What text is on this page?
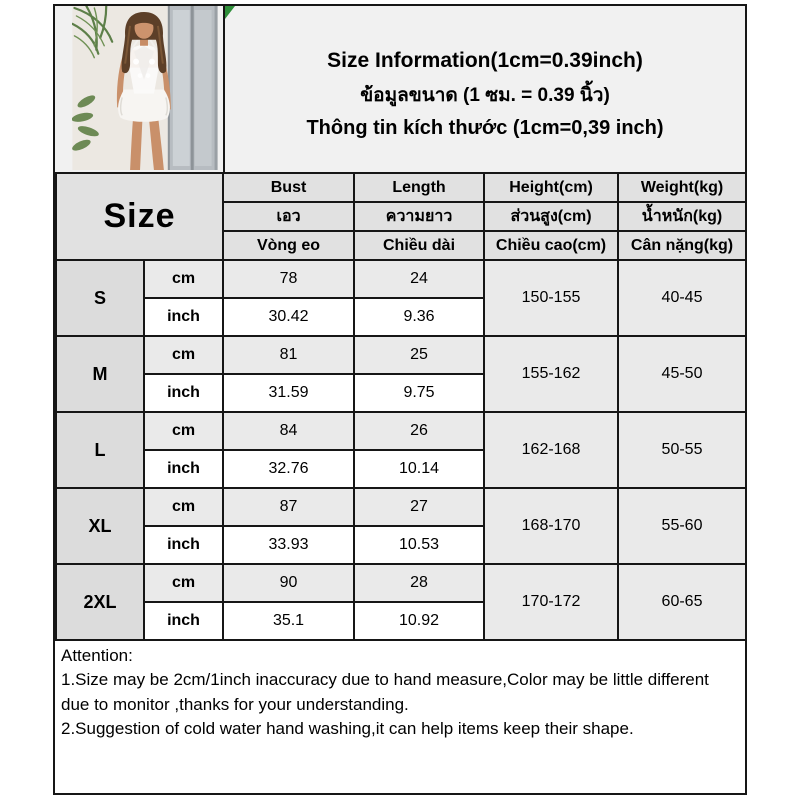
Size Information(1cm=0.39inch)
ข้อมูลขนาด (1 ซม. = 0.39 นิ้ว)
Thông tin kích thước (1cm=0,39 inch)
Size		Bust	Length	Height(cm)	Weight(kg)
		เอว	ความยาว	ส่วนสูง(cm)	น้ำหนัก(kg)
		Vòng eo	Chiều dài	Chiều cao(cm)	Cân nặng(kg)
S	cm	78	24	150-155	40-45
	inch	30.42	9.36		
M	cm	81	25	155-162	45-50
	inch	31.59	9.75		
L	cm	84	26	162-168	50-55
	inch	32.76	10.14		
XL	cm	87	27	168-170	55-60
	inch	33.93	10.53		
2XL	cm	90	28	170-172	60-65
	inch	35.1	10.92		
Attention:
1.Size may be 2cm/1inch inaccuracy due to hand measure,Color may be little different due to monitor ,thanks for your understanding.
2.Suggestion of cold water hand washing,it can help items keep their shape.
